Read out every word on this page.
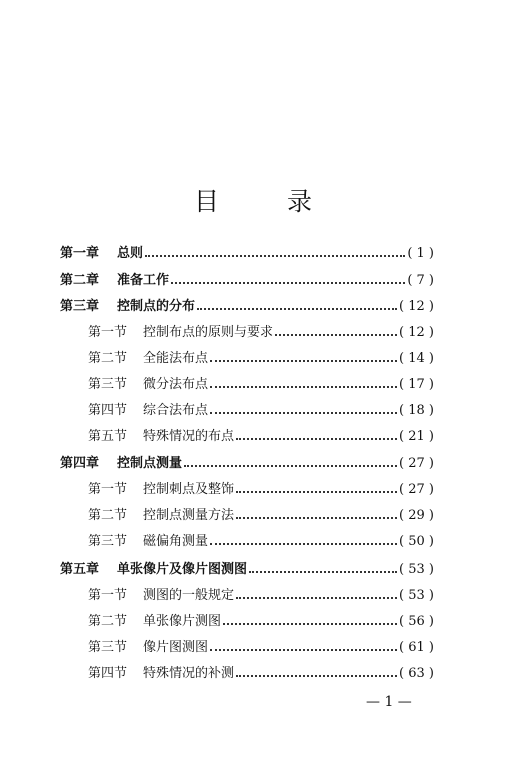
目 录
第一章 总则	( 1 )
第二章 准备工作	( 7 )
第三章 控制点的分布	( 12 )
第一节 控制布点的原则与要求	( 12 )
第二节 全能法布点	( 14 )
第三节 微分法布点	( 17 )
第四节 综合法布点	( 18 )
第五节 特殊情况的布点	( 21 )
第四章 控制点测量	( 27 )
第一节 控制刺点及整饰	( 27 )
第二节 控制点测量方法	( 29 )
第三节 磁偏角测量	( 50 )
第五章 单张像片及像片图测图	( 53 )
第一节 测图的一般规定	( 53 )
第二节 单张像片测图	( 56 )
第三节 像片图测图	( 61 )
第四节 特殊情况的补测	( 63 )
— 1 —
